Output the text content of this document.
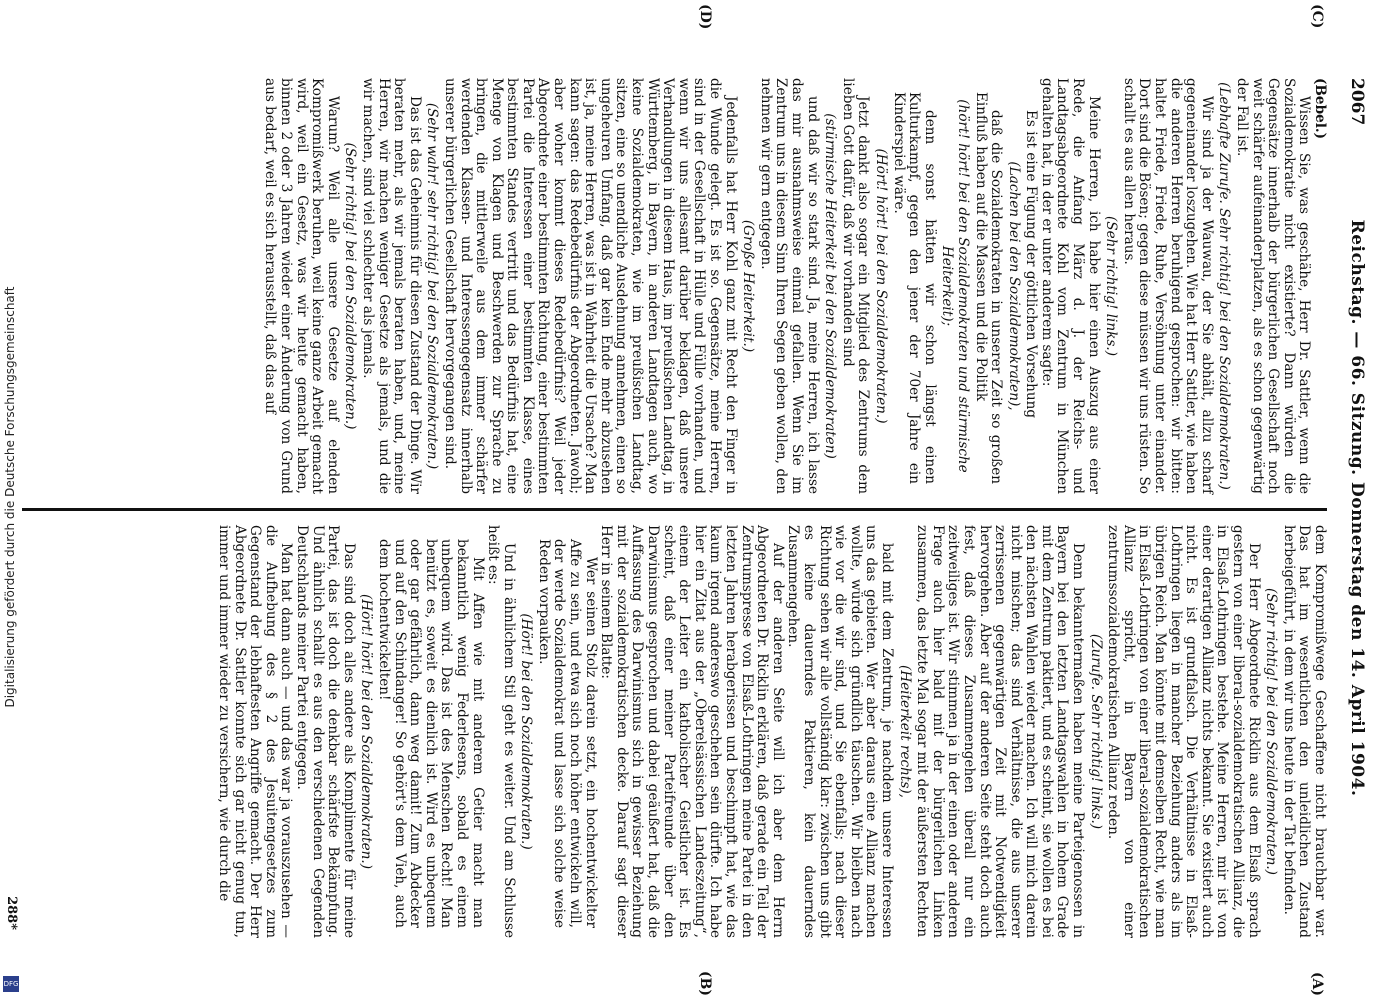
2067
Reichstag. — 66. Sitzung. Donnerstag den 14. April 1904.
(A)
(B)
(C)
(D)

(Bebel.)

Wissen Sie, was geschähe, Herr Dr. Sattler, wenn die Sozialdemokratie nicht existierte? Dann würden die Gegensätze innerhalb der bürgerlichen Gesellschaft noch weit schärfer aufeinanderplatzen, als es schon gegenwärtig der Fall ist.

(Lebhafte Zurufe. Sehr richtig! bei den Sozialdemokraten.)

Wir sind ja der Wauwau, der Sie abhält, allzu scharf gegeneinander loszugehen. Wie hat Herr Sattler, wie haben die anderen Herren beruhigend gesprochen: wir bitten: haltet Friede, Friede, Ruhe, Versöhnung unter einander. Dort sind die Bösen; gegen diese müssen wir uns rüsten. So schallt es aus allen heraus.

(Sehr richtig! links.)

Meine Herren, ich habe hier einen Auszug aus einer Rede, die Anfang März d. J. der Reichs- und Landtagsabgeordnete Kohl vom Zentrum in München gehalten hat, in der er unter anderem sagte:

Es ist eine Fügung der göttlichen Vorsehung

(Lachen bei den Sozialdemokraten),

daß die Sozialdemokraten in unserer Zeit so großen Einfluß haben auf die Massen und die Politik

(hört! hört! bei den Sozialdemokraten und stürmische Heiterkeit);

denn sonst hätten wir schon längst einen Kulturkampf, gegen den jener der 70er Jahre ein Kinderspiel wäre.

(Hört! hört! bei den Sozialdemokraten.)

Jetzt dankt also sogar ein Mitglied des Zentrums dem lieben Gott dafür, daß wir vorhanden sind

(stürmische Heiterkeit bei den Sozialdemokraten)

und daß wir so stark sind. Ja, meine Herren, ich lasse das mir ausnahmsweise einmal gefallen. Wenn Sie im Zentrum uns in diesem Sinn Ihren Segen geben wollen, den nehmen wir gern entgegen.

(Große Heiterkeit.)

Jedenfalls hat Herr Kohl ganz mit Recht den Finger in die Wunde gelegt. Es ist so. Gegensätze, meine Herren, sind in der Gesellschaft in Hülle und Fülle vorhanden, und wenn wir uns allesamt darüber beklagen, daß unsere Verhandlungen in diesem Haus, im preußischen Landtag, in Württemberg, in Bayern, in anderen Landtagen auch, wo keine Sozialdemokraten, wie im preußischen Landtag, sitzen, eine so unendliche Ausdehnung annehmen, einen so ungeheuren Umfang, daß gar kein Ende mehr abzusehen ist, ja, meine Herren, was ist in Wahrheit die Ursache? Man kann sagen: das Redebedürfnis der Abgeordneten. Jawohl; aber woher kommt dieses Redebedürfnis? Weil jeder Abgeordnete einer bestimmten Richtung, einer bestimmten Partei die Interessen einer bestimmten Klasse, eines bestimmten Standes vertritt und das Bedürfnis hat, eine Menge von Klagen und Beschwerden zur Sprache zu bringen, die mittlerweile aus dem immer schärfer werdenden Klassen- und Interessengegensatz innerhalb unserer bürgerlichen Gesellschaft hervorgegangen sind.

(Sehr wahr! sehr richtig! bei den Sozialdemokraten.)

Das ist das Geheimnis für diesen Zustand der Dinge. Wir beraten mehr, als wir jemals beraten haben, und, meine Herren, wir machen weniger Gesetze als jemals, und die wir machen, sind viel schlechter als jemals.

(Sehr richtig! bei den Sozialdemokraten.)

Warum? Weil alle unsere Gesetze auf elenden Kompromißwerk beruhen, weil keine ganze Arbeit gemacht wird, weil ein Gesetz, was wir heute gemacht haben, binnen 2 oder 3 Jahren wieder einer Änderung von Grund aus bedarf, weil es sich herausstellt, daß das auf

dem Kompromißwege Geschaffene nicht brauchbar war. Das hat im wesentlichen den unleidlichen Zustand herbeigeführt, in dem wir uns heute in der Tat befinden.

(Sehr richtig! bei den Sozialdemokraten.)

Der Herr Abgeordnete Ricklin aus dem Elsaß sprach gestern von einer liberal-sozialdemokratischen Allianz, die in Elsaß-Lothringen bestehe. Meine Herren, mir ist von einer derartigen Allianz nichts bekannt. Sie existiert auch nicht. Es ist grundfalsch. Die Verhältnisse in Elsaß-Lothringen liegen in mancher Beziehung anders als im übrigen Reich. Man könnte mit demselben Recht, wie man in Elsaß-Lothringen von einer liberal-sozialdemokratischen Allianz spricht, in Bayern von einer zentrumssozialdemokratischen Allianz reden.

(Zurufe. Sehr richtig! links.)

Denn bekanntermaßen haben meine Parteigenossen in Bayern bei den letzten Landtagswahlen in hohem Grade mit dem Zentrum paktiert, und es scheint, sie wollen es bei den nächsten Wahlen wieder machen. Ich will mich darein nicht mischen; das sind Verhältnisse, die aus unserer zerrissenen gegenwärtigen Zeit mit Notwendigkeit hervorgehen. Aber auf der anderen Seite steht doch auch fest, daß dieses Zusammengehen überall nur ein zeitweiliges ist. Wir stimmen ja in der einen oder anderen Frage auch hier bald mit der bürgerlichen Linken zusammen, das letzte Mal sogar mit der äußersten Rechten

(Heiterkeit rechts),

bald mit dem Zentrum, je nachdem unsere Interessen uns das gebieten. Wer aber daraus eine Allianz machen wollte, würde sich gründlich täuschen. Wir bleiben nach wie vor die wir sind, und Sie ebenfalls; nach dieser Richtung sehen wir alle vollständig klar: zwischen uns gibt es keine dauerndes Paktieren, kein dauerndes Zusammengehen.

Auf der anderen Seite will ich aber dem Herrn Abgeordneten Dr. Ricklin erklären, daß gerade ein Teil der Zentrumspresse von Elsaß-Lothringen meine Partei in den letzten Jahren herabgerissen und beschimpft hat, wie das kaum irgend andereswo geschehen sein dürfte. Ich habe hier ein Zitat aus der „Oberelsässischen Landeszeitung“, einem der Leiter ein katholischer Geistlicher ist. Es scheint, daß einer meiner Parteifreunde über den Darwinismus gesprochen und dabei geäußert hat, daß die Auffassung des Darwinismus sich in gewisser Beziehung mit der sozialdemokratischen decke. Darauf sagt dieser Herr in seinem Blatte:

Wer seinen Stolz darein setzt, ein hochentwickelter Affe zu sein, und etwa sich noch höher entwickeln will, der werde Sozialdemokrat und lasse sich solche weise Reden vorpauken.

(Hört! bei den Sozialdemokraten.)

Und in ähnlichem Stil geht es weiter. Und am Schlusse heißt es:

Mit Affen wie mit anderem Getier macht man bekanntlich wenig Federlesens, sobald es einem unbequem wird. Das ist des Menschen Recht! Man benützt es, soweit es dienlich ist. Wird es unbequem oder gar gefährlich, dann weg damit! Zum Abdecker und auf den Schindanger! So gehört's dem Vieh, auch dem hochentwickelten!

(Hört! hört! bei den Sozialdemokraten.)

Das sind doch alles andere als Komplimente für meine Partei, das ist doch die denkbar schärfste Bekämpfung. Und ähnlich schallt es aus den verschiedenen Gegenden Deutschlands meiner Partei entgegen.

Man hat dann auch — und das war ja vorauszusehen — die Aufhebung des § 2 des Jesuitengesetzes zum Gegenstand der lebhaftesten Angriffe gemacht. Der Herr Abgeordnete Dr. Sattler konnte sich gar nicht genug tun, immer und immer wieder zu versichern, wie durch die

288*
Digitalisierung gefördert durch die Deutsche Forschungsgemeinschaft
DFG
